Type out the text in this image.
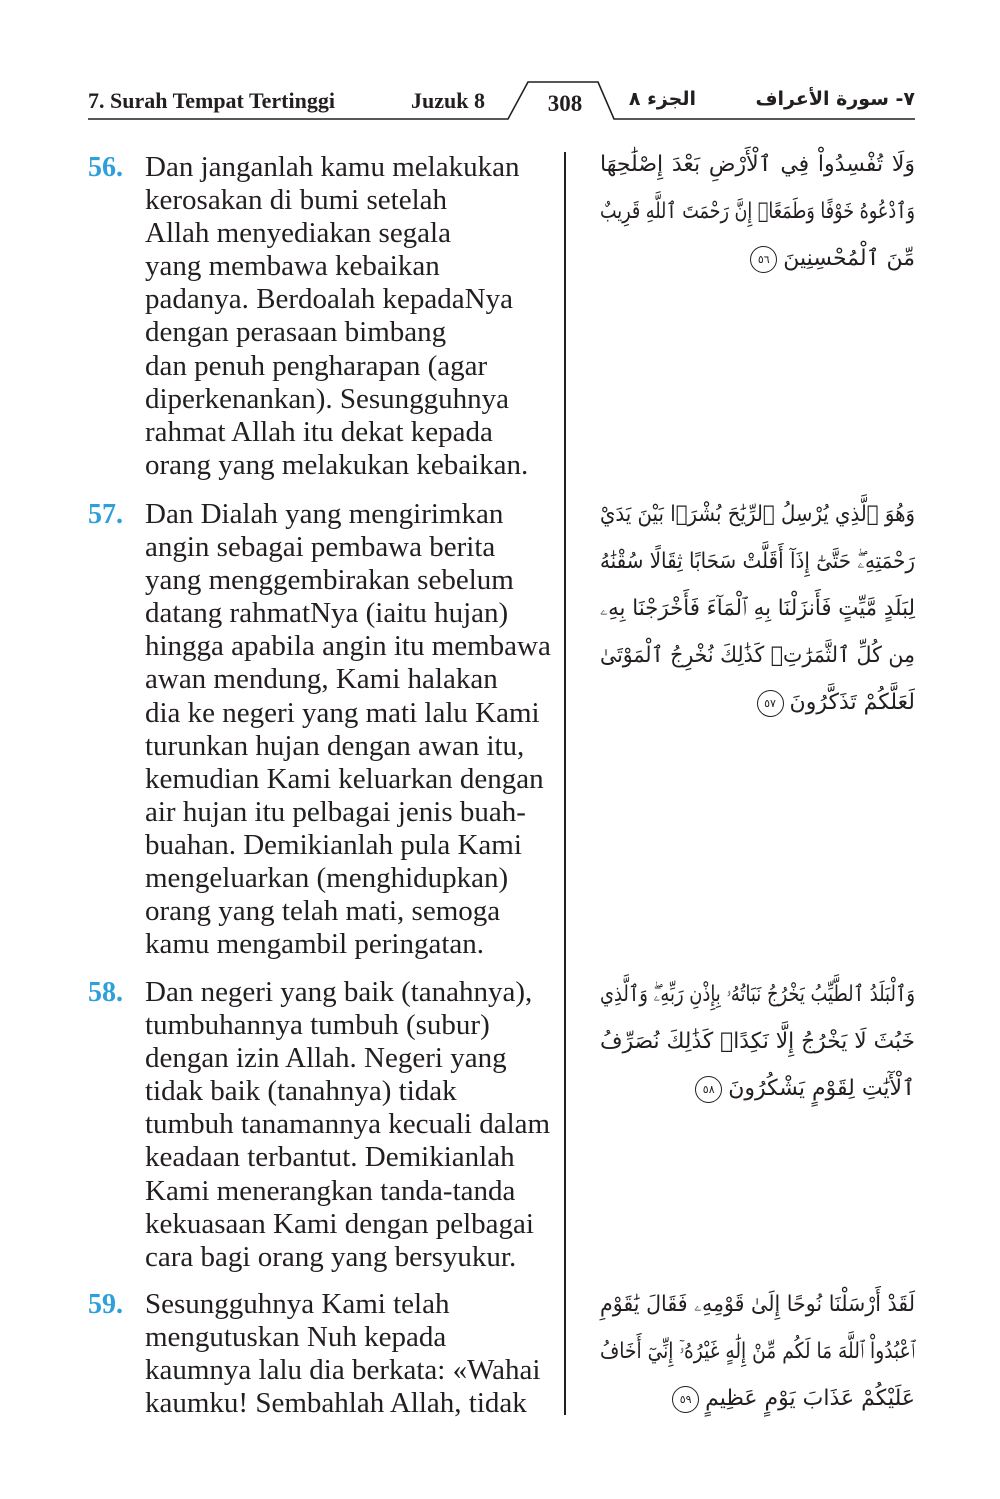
7. Surah Tempat Tertinggi	Juzuk 8	308	الجزء ٨	٧- سورة الأعراف
56. Dan janganlah kamu melakukan
kerosakan di bumi setelah
Allah menyediakan segala
yang membawa kebaikan
padanya. Berdoalah kepadaNya
dengan perasaan bimbang
dan penuh pengharapan (agar
diperkenankan). Sesungguhnya
rahmat Allah itu dekat kepada
orang yang melakukan kebaikan.
وَلَا تُفْسِدُواْ فِي ٱلْأَرْضِ بَعْدَ إِصْلَٰحِهَا
وَٱدْعُوهُ خَوْفًا وَطَمَعًاۚ إِنَّ رَحْمَتَ ٱللَّهِ قَرِيبٌ
مِّنَ ٱلْمُحْسِنِينَ٥٦
57. Dan Dialah yang mengirimkan
angin sebagai pembawa berita
yang menggembirakan sebelum
datang rahmatNya (iaitu hujan)
hingga apabila angin itu membawa
awan mendung, Kami halakan
dia ke negeri yang mati lalu Kami
turunkan hujan dengan awan itu,
kemudian Kami keluarkan dengan
air hujan itu pelbagai jenis buah-
buahan. Demikianlah pula Kami
mengeluarkan (menghidupkan)
orang yang telah mati, semoga
kamu mengambil peringatan.
وَهُوَ ٱلَّذِي يُرْسِلُ ٱلرِّيَٰحَ بُشْرَۢا بَيْنَ يَدَيْ
رَحْمَتِهِۦۖ حَتَّىٰٓ إِذَآ أَقَلَّتْ سَحَابًا ثِقَالًا سُقْنَٰهُ
لِبَلَدٍ مَّيِّتٍ فَأَنزَلْنَا بِهِ ٱلْمَآءَ فَأَخْرَجْنَا بِهِۦ
مِن كُلِّ ٱلثَّمَرَٰتِۚ كَذَٰلِكَ نُخْرِجُ ٱلْمَوْتَىٰ
لَعَلَّكُمْ تَذَكَّرُونَ٥٧
58. Dan negeri yang baik (tanahnya),
tumbuhannya tumbuh (subur)
dengan izin Allah. Negeri yang
tidak baik (tanahnya) tidak
tumbuh tanamannya kecuali dalam
keadaan terbantut. Demikianlah
Kami menerangkan tanda-tanda
kekuasaan Kami dengan pelbagai
cara bagi orang yang bersyukur.
وَٱلْبَلَدُ ٱلطَّيِّبُ يَخْرُجُ نَبَاتُهُۥ بِإِذْنِ رَبِّهِۦۖ وَٱلَّذِي
خَبُثَ لَا يَخْرُجُ إِلَّا نَكِدًاۚ كَذَٰلِكَ نُصَرِّفُ
ٱلْأٓيَٰتِ لِقَوْمٍ يَشْكُرُونَ٥٨
59. Sesungguhnya Kami telah
mengutuskan Nuh kepada
kaumnya lalu dia berkata: «Wahai
kaumku! Sembahlah Allah, tidak
لَقَدْ أَرْسَلْنَا نُوحًا إِلَىٰ قَوْمِهِۦ فَقَالَ يَٰقَوْمِ
ٱعْبُدُواْ ٱللَّهَ مَا لَكُم مِّنْ إِلَٰهٍ غَيْرُهُۥٓ إِنِّيٓ أَخَافُ
عَلَيْكُمْ عَذَابَ يَوْمٍ عَظِيمٍ٥٩
